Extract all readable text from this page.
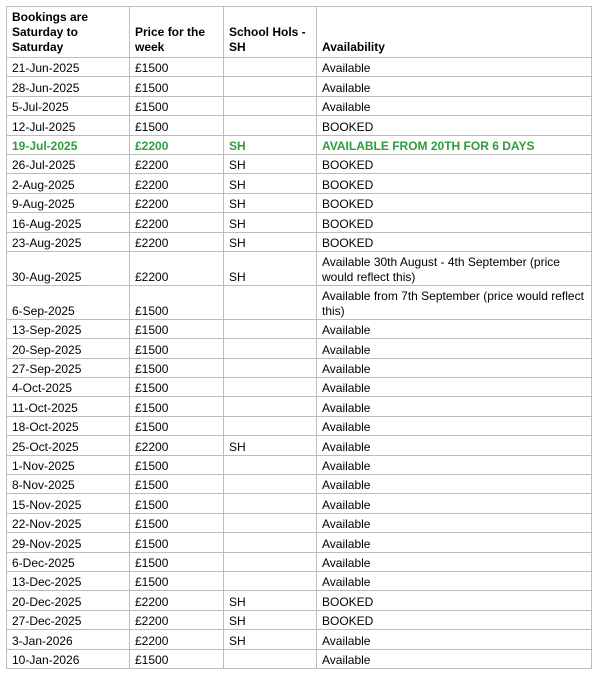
Bookings are Saturday to Saturday	Price for the week	School Hols - SH	Availability
21-Jun-2025	£1500		Available
28-Jun-2025	£1500		Available
5-Jul-2025	£1500		Available
12-Jul-2025	£1500		BOOKED
19-Jul-2025	£2200	SH	AVAILABLE FROM 20TH FOR 6 DAYS
26-Jul-2025	£2200	SH	BOOKED
2-Aug-2025	£2200	SH	BOOKED
9-Aug-2025	£2200	SH	BOOKED
16-Aug-2025	£2200	SH	BOOKED
23-Aug-2025	£2200	SH	BOOKED
30-Aug-2025	£2200	SH	Available 30th August - 4th September (price would reflect this)
6-Sep-2025	£1500		Available from 7th September (price would reflect this)
13-Sep-2025	£1500		Available
20-Sep-2025	£1500		Available
27-Sep-2025	£1500		Available
4-Oct-2025	£1500		Available
11-Oct-2025	£1500		Available
18-Oct-2025	£1500		Available
25-Oct-2025	£2200	SH	Available
1-Nov-2025	£1500		Available
8-Nov-2025	£1500		Available
15-Nov-2025	£1500		Available
22-Nov-2025	£1500		Available
29-Nov-2025	£1500		Available
6-Dec-2025	£1500		Available
13-Dec-2025	£1500		Available
20-Dec-2025	£2200	SH	BOOKED
27-Dec-2025	£2200	SH	BOOKED
3-Jan-2026	£2200	SH	Available
10-Jan-2026	£1500		Available
